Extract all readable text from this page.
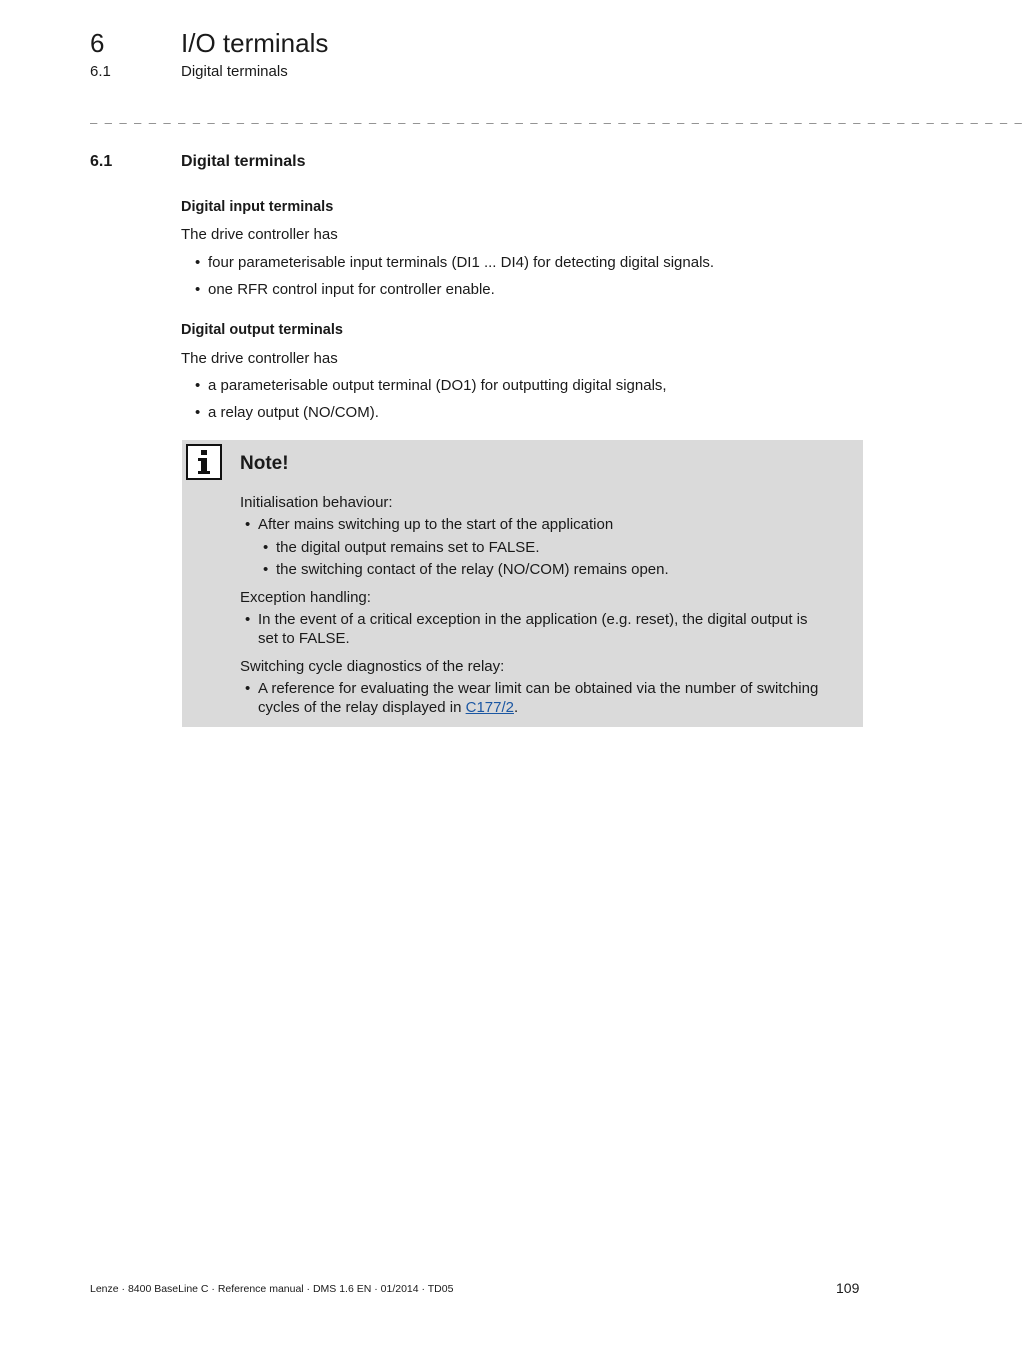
6	I/O terminals
6.1	Digital terminals
_ _ _ _ _ _ _ _ _ _ _ _ _ _ _ _ _ _ _ _ _ _ _ _ _ _ _ _ _ _ _ _ _ _ _ _ _ _ _ _ _ _ _ _ _ _ _ _ _ _ _ _ _ _ _ _ _ _ _ _ _ _ _ _
6.1	Digital terminals
Digital input terminals
The drive controller has
• four parameterisable input terminals (DI1 ... DI4) for detecting digital signals.
• one RFR control input for controller enable.
Digital output terminals
The drive controller has
• a parameterisable output terminal (DO1) for outputting digital signals,
• a relay output (NO/COM).
Note!
Initialisation behaviour:
• After mains switching up to the start of the application
• the digital output remains set to FALSE.
• the switching contact of the relay (NO/COM) remains open.
Exception handling:
• In the event of a critical exception in the application (e.g. reset), the digital output is
set to FALSE.
Switching cycle diagnostics of the relay:
• A reference for evaluating the wear limit can be obtained via the number of switching
cycles of the relay displayed in C177/2.
Lenze · 8400 BaseLine C · Reference manual · DMS 1.6 EN · 01/2014 · TD05	109
